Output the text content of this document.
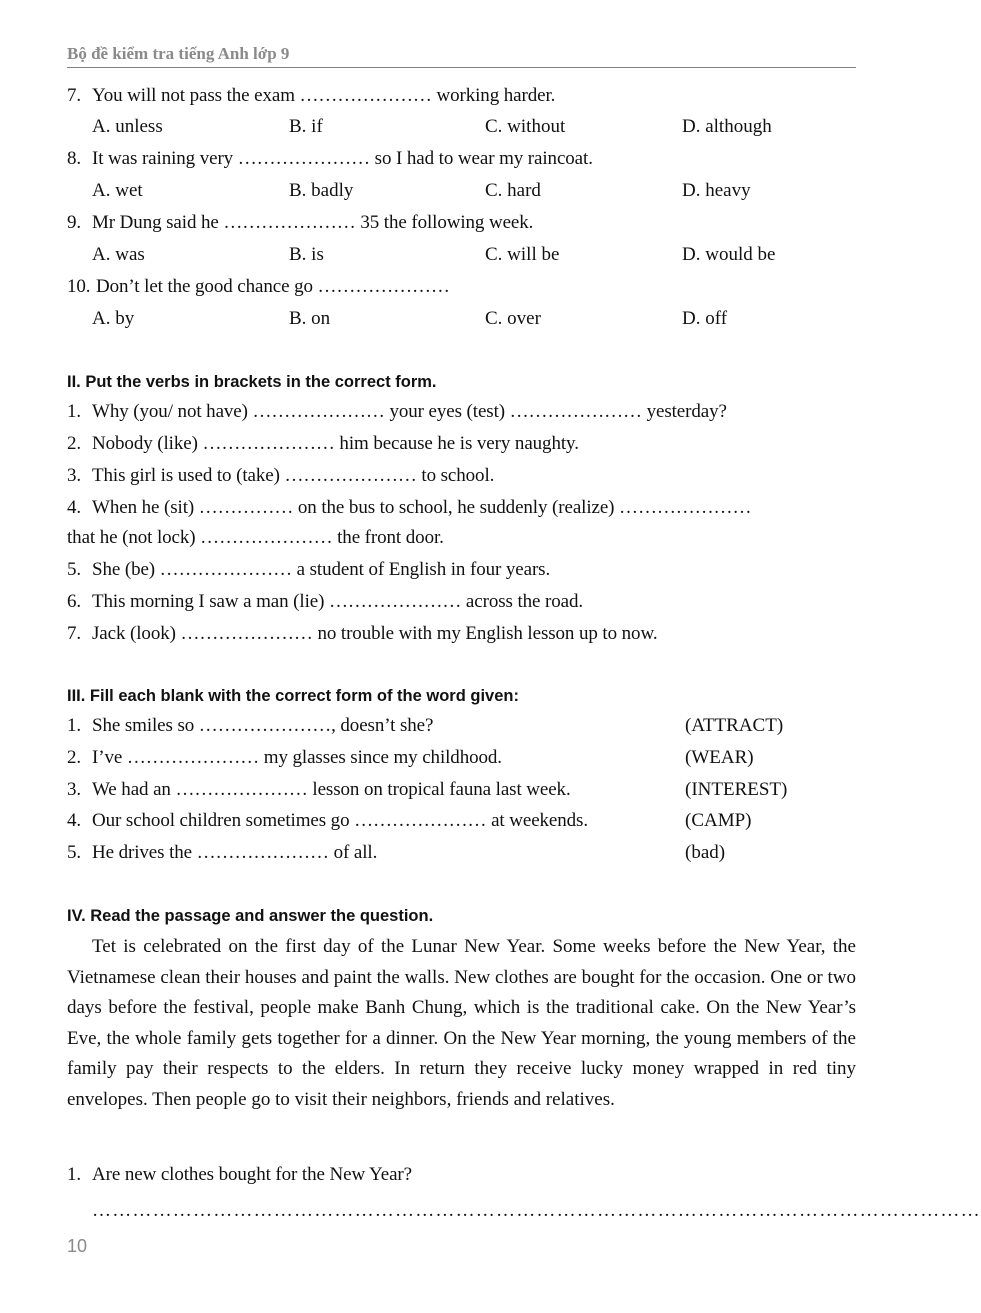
Bộ đề kiểm tra tiếng Anh lớp 9
7. You will not pass the exam ………………… working harder.
A. unless	B. if	C. without	D. although
8. It was raining very ………………… so I had to wear my raincoat.
A. wet	B. badly	C. hard	D. heavy
9. Mr Dung said he ………………… 35 the following week.
A. was	B. is	C. will be	D. would be
10. Don’t let the good chance go …………………
A. by	B. on	C. over	D. off
II. Put the verbs in brackets in the correct form.
1. Why (you/ not have) ………………… your eyes (test) ………………… yesterday?
2. Nobody (like) ………………… him because he is very naughty.
3. This girl is used to (take) ………………… to school.
4. When he (sit) …………… on the bus to school, he suddenly (realize) …………………
that he (not lock) ………………… the front door.
5. She (be) ………………… a student of English in four years.
6. This morning I saw a man (lie) ………………… across the road.
7. Jack (look) ………………… no trouble with my English lesson up to now.
III. Fill each blank with the correct form of the word given:
1. She smiles so …………………, doesn’t she?	(ATTRACT)
2. I’ve ………………… my glasses since my childhood.	(WEAR)
3. We had an ………………… lesson on tropical fauna last week.	(INTEREST)
4. Our school children sometimes go ………………… at weekends.	(CAMP)
5. He drives the ………………… of all.	(bad)
IV. Read the passage and answer the question.
Tet is celebrated on the first day of the Lunar New Year. Some weeks before the New Year, the Vietnamese clean their houses and paint the walls. New clothes are bought for the occasion. One or two days before the festival, people make Banh Chung, which is the traditional cake. On the New Year’s Eve, the whole family gets together for a dinner. On the New Year morning, the young members of the family pay their respects to the elders. In return they receive lucky money wrapped in red tiny envelopes. Then people go to visit their neighbors, friends and relatives.
1. Are new clothes bought for the New Year?
……………………………………………………………………………………………………………………
10
